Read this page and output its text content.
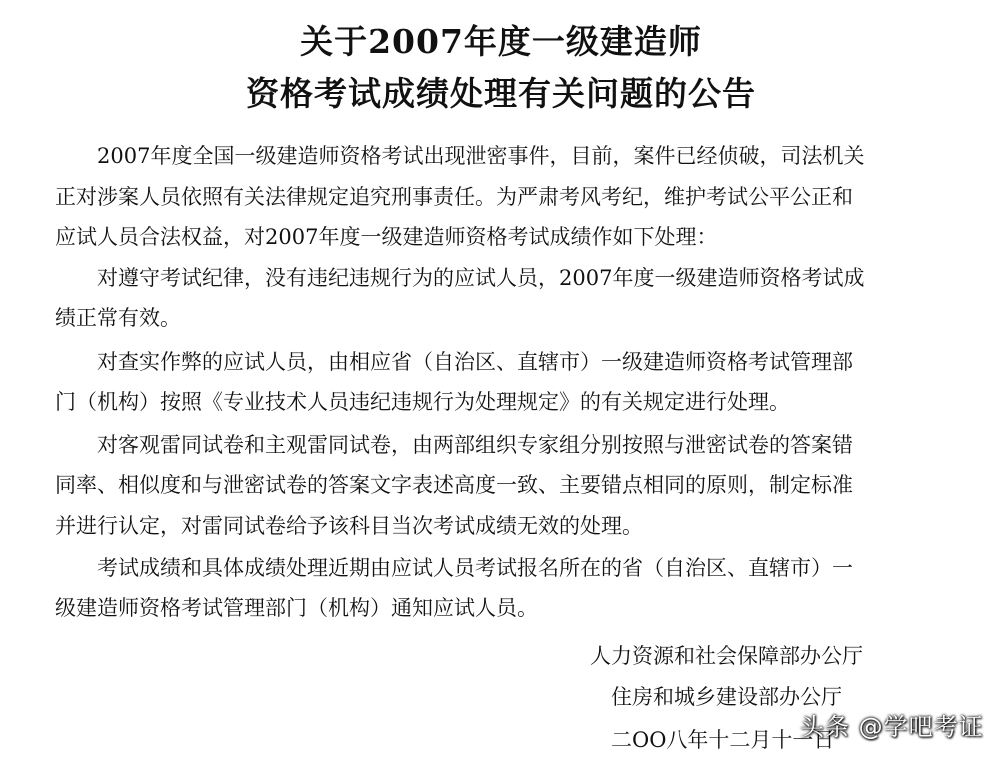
关于2007年度一级建造师
资格考试成绩处理有关问题的公告
　　2007年度全国一级建造师资格考试出现泄密事件，目前，案件已经侦破，司法机关
正对涉案人员依照有关法律规定追究刑事责任。为严肃考风考纪，维护考试公平公正和
应试人员合法权益，对2007年度一级建造师资格考试成绩作如下处理：
　　对遵守考试纪律，没有违纪违规行为的应试人员，2007年度一级建造师资格考试成
绩正常有效。
　　对查实作弊的应试人员，由相应省（自治区、直辖市）一级建造师资格考试管理部
门（机构）按照《专业技术人员违纪违规行为处理规定》的有关规定进行处理。
　　对客观雷同试卷和主观雷同试卷，由两部组织专家组分别按照与泄密试卷的答案错
同率、相似度和与泄密试卷的答案文字表述高度一致、主要错点相同的原则，制定标准
并进行认定，对雷同试卷给予该科目当次考试成绩无效的处理。
　　考试成绩和具体成绩处理近期由应试人员考试报名所在的省（自治区、直辖市）一
级建造师资格考试管理部门（机构）通知应试人员。
人力资源和社会保障部办公厅
住房和城乡建设部办公厅
二OO八年十二月十一日
头条 @学吧考证
